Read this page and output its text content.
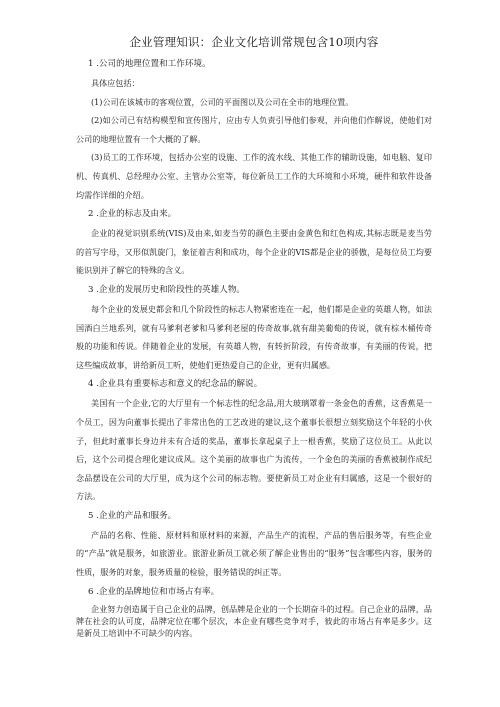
企业管理知识：企业文化培训常规包含10项内容
1 .公司的地理位置和工作环境。

具体应包括：

(1)公司在该城市的客观位置，公司的平面图以及公司在全市的地理位置。

(2)如公司已有结构模型和宣传图片，应由专人负责引导他们参观，并向他们作解说，使他们对公司的地理位置有一个大概的了解。

(3)员工的工作环境，包括办公室的设施、工作的流水线、其他工作的辅助设施，如电脑、复印机、传真机、总经理办公室、主管办公室等，每位新员工工作的大环境和小环境，硬件和软件设备均需作详细的介绍。

2 .企业的标志及由来。

企业的视觉识别系统(VIS)及由来,如麦当劳的颜色主要由金黄色和红色构成,其标志既是麦当劳的首写字母，又形似凯旋门，象征着吉利和成功，每个企业的VIS都是企业的骄傲，是每位员工均要能识别并了解它的特殊的含义。

3 .企业的发展历史和阶段性的英雄人物。

每个企业的发展史都会和几个阶段性的标志人物紧密连在一起，他们都是企业的英雄人物，如法国酒白兰地系列，就有马爹利老爹和马爹利老屋的传奇故事,就有甜美葡萄的传说，就有棕木桶传奇般的功能和传说。伴随着企业的发展，有英雄人物，有转折阶段，有传奇故事，有美丽的传说，把这些编成故事，讲给新员工听，使他们更热爱自己的企业，更有归属感。

4 .企业具有重要标志和意义的纪念品的解说。

美国有一个企业,它的大厅里有一个标志性的纪念品,用大玻璃罩着一条金色的香蕉，这香蕉是一个员工，因为向董事长提出了非常出色的工艺改进的建议,这个董事长很想立刻奖励这个年轻的小伙子，但此时董事长身边并未有合适的奖品，董事长拿起桌子上一根香蕉，奖励了这位员工。从此以后，这个公司提合理化建议成风。这个美丽的故事也广为流传，一个金色的美丽的香蕉被制作成纪念品摆设在公司的大厅里，成为这个公司的标志物。要使新员工对企业有归属感，这是一个很好的方法。

5 .企业的产品和服务。

产品的名称、性能、原材料和原材料的来源，产品生产的流程，产品的售后服务等，有些企业的“产品”就是服务，如旅游业。旅游业新员工就必须了解企业售出的“服务”包含哪些内容，服务的性质，服务的对象，服务质量的检验，服务错误的纠正等。

6 .企业的品牌地位和市场占有率。

企业努力创造属于自己企业的品牌，创品牌是企业的一个长期奋斗的过程。自己企业的品牌，品牌在社会的认可度，品牌定位在哪个层次，本企业有哪些竞争对手，彼此的市场占有率是多少。这是新员工培训中不可缺少的内容。
